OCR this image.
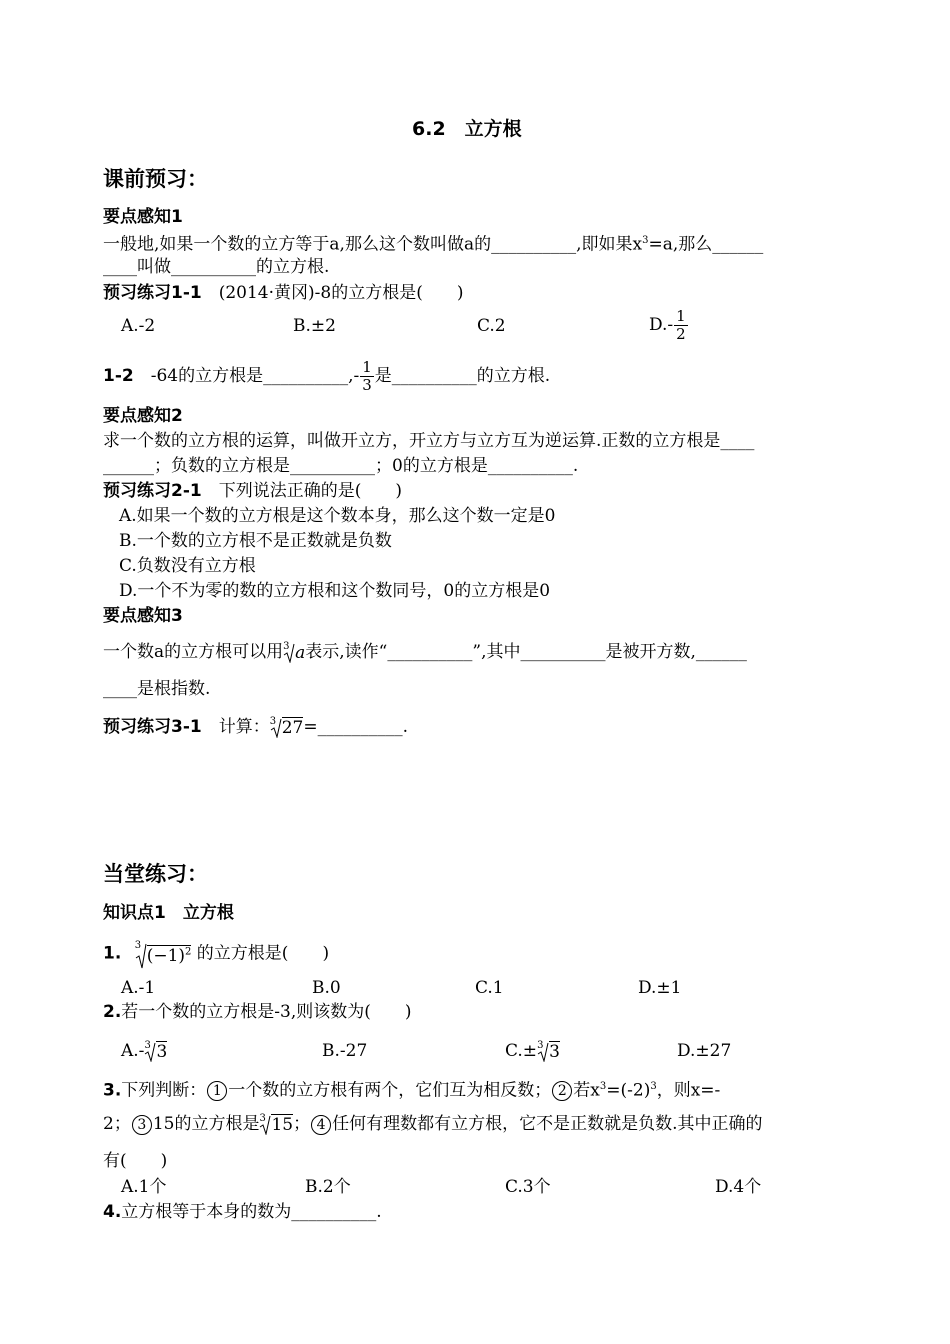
6.2　立方根
课前预习：
要点感知1
一般地,如果一个数的立方等于a,那么这个数叫做a的__________,即如果$x^3=a$,那么______
____叫做__________的立方根.
预习练习1-1　(2014·黄冈)-8的立方根是(　　)
A.-2	B.±2	C.2	$D.- \frac{1}{2}$
1-2　-64的立方根是__________,- $\frac{1}{3}$ 是__________的立方根.
要点感知2
求一个数的立方根的运算，叫做开立方，开立方与立方互为逆运算.正数的立方根是____
______；负数的立方根是__________；0的立方根是__________.
预习练习2-1　下列说法正确的是(　　)
A.如果一个数的立方根是这个数本身，那么这个数一定是0
B.一个数的立方根不是正数就是负数
C.负数没有立方根
D.一个不为零的数的立方根和这个数同号，0的立方根是0
要点感知3
一个数a的立方根可以用 3 a表示,读作“__________”,其中__________是被开方数,______
____是根指数.
预习练习3-1　计算： 3 27=__________.
当堂练习：
知识点1　立方根
1. 3
$(-1)^2$ 的立方根是(　　)
A.-1	B.0	C.1	D.±1
2.若一个数的立方根是-3,则该数为(　　)
A.- 3 3	B.-27	C.± 3 3	D.±27
3.下列判断： 1 一个数的立方根有两个，它们互为相反数； 2 若$x^3=(-2)^3$，则x=-
2； 3 15的立方根是 3 15； 4 任何有理数都有立方根，它不是正数就是负数.其中正确的
有(　　)
A.1个	B.2个	C.3个	D.4个
4.立方根等于本身的数为__________.
